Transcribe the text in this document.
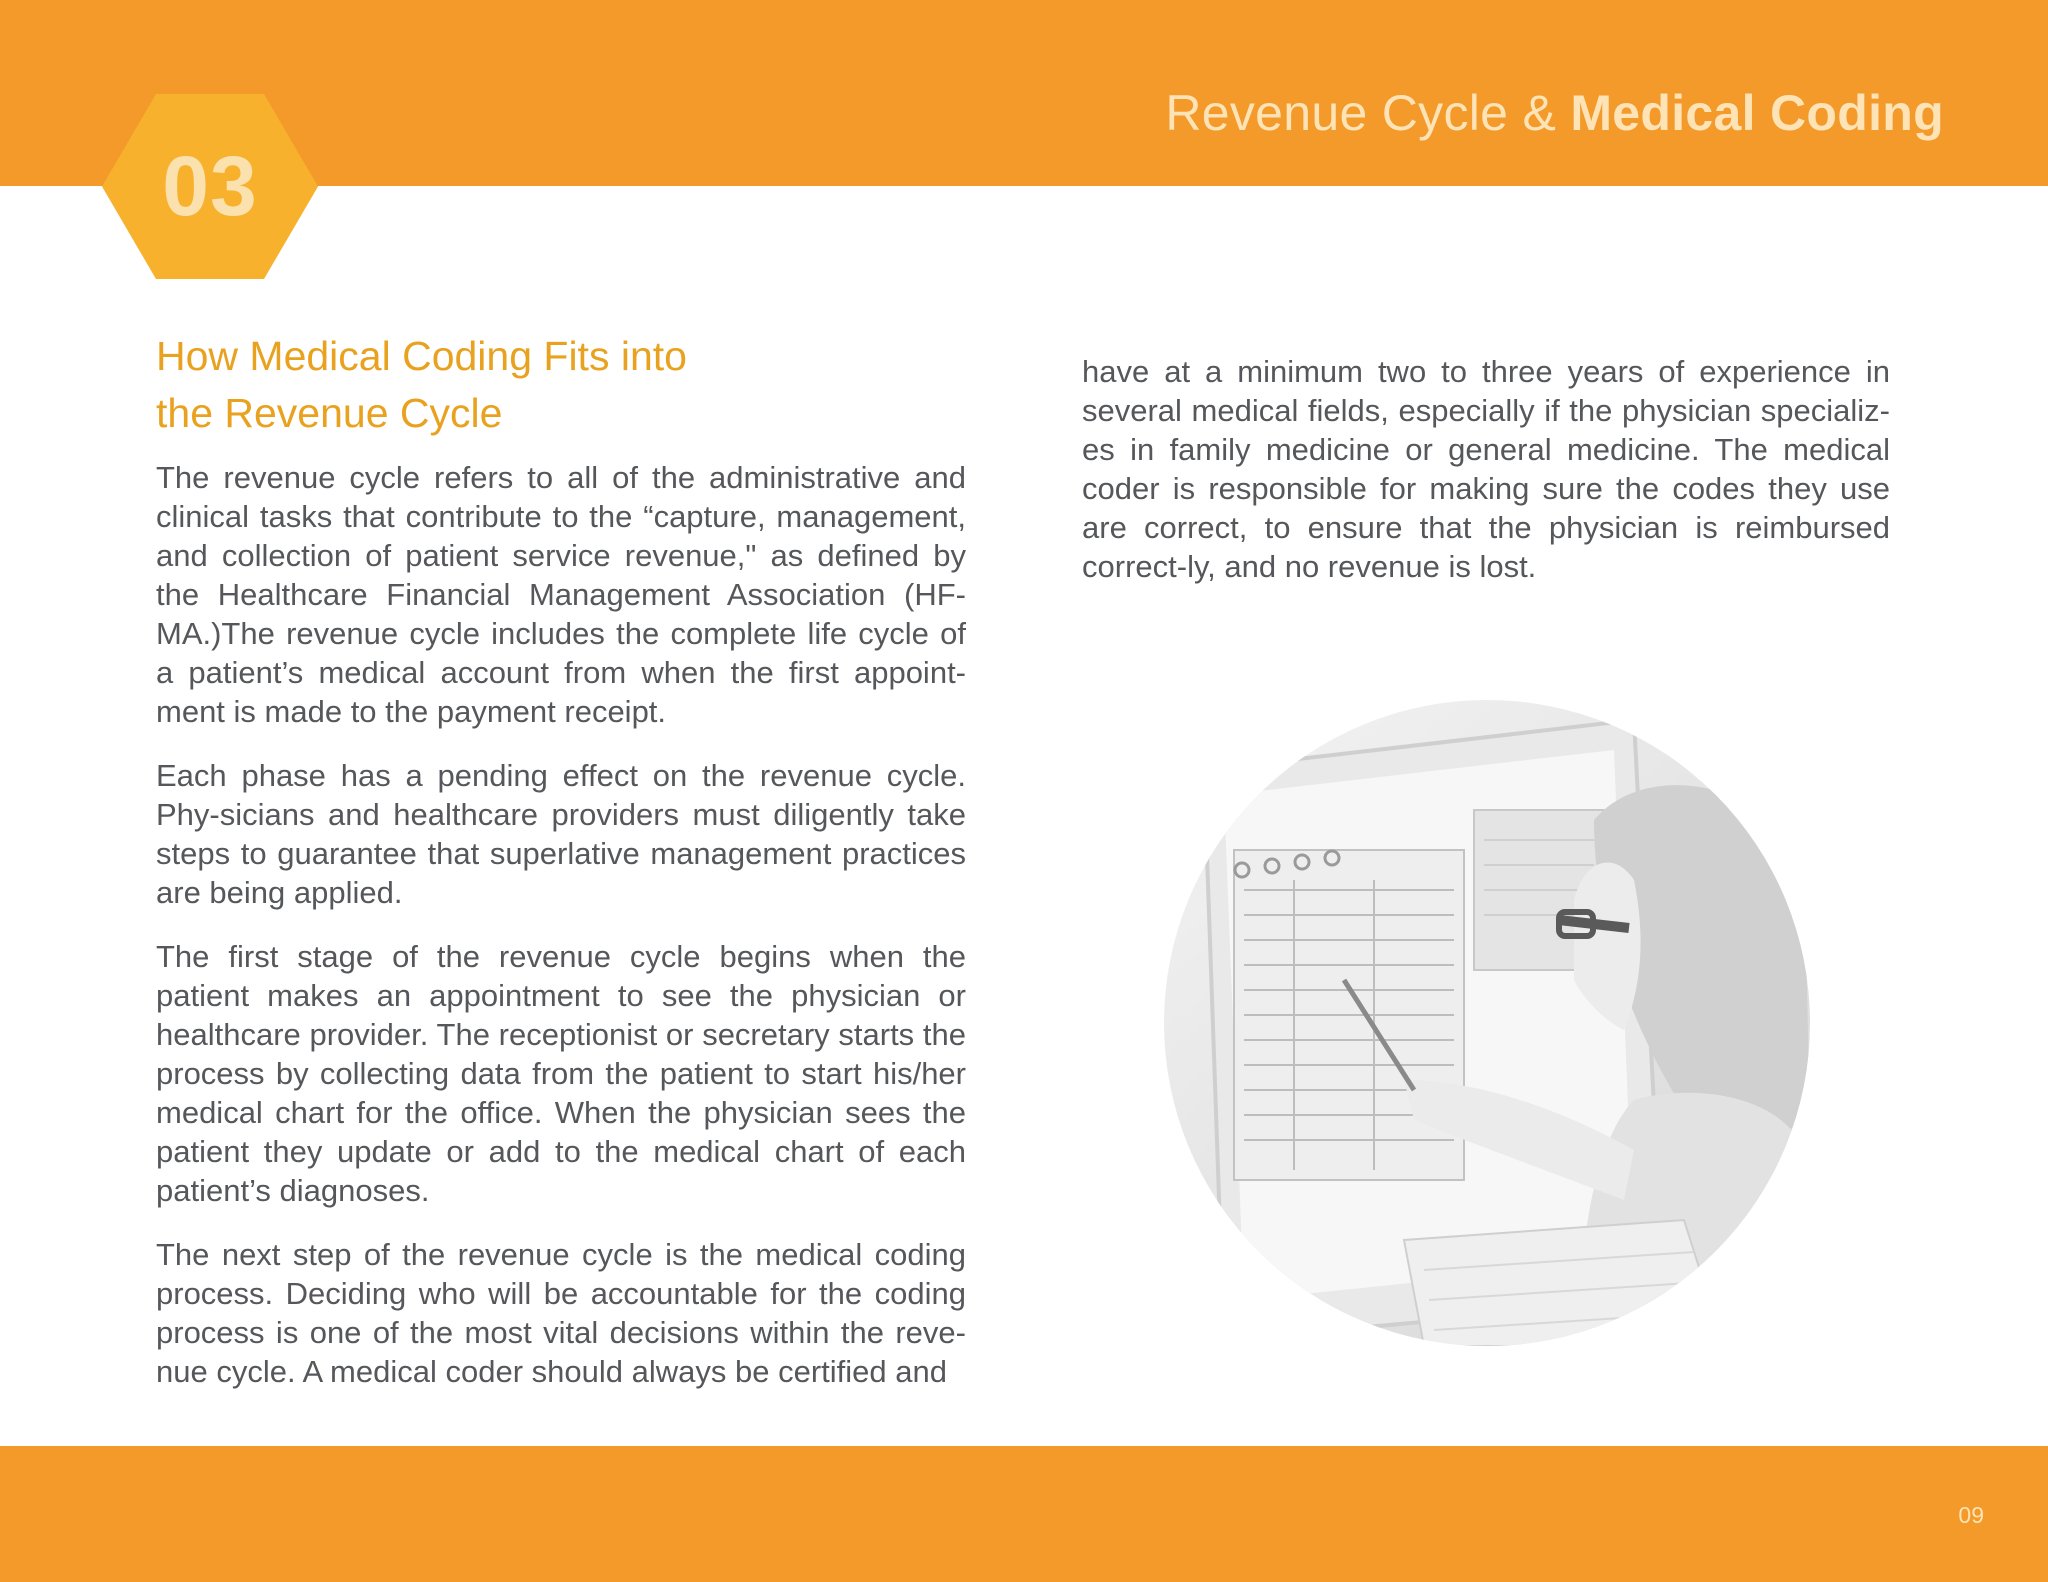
Revenue Cycle & Medical Coding
03
How Medical Coding Fits into
the Revenue Cycle

The revenue cycle refers to all of the administrative and clinical tasks that contribute to the “capture, management, and collection of patient service revenue," as defined by the Healthcare Financial Management Association (HF-MA.)The revenue cycle includes the complete life cycle of a patient’s medical account from when the first appoint-ment is made to the payment receipt.

Each phase has a pending effect on the revenue cycle. Phy-sicians and healthcare providers must diligently take steps to guarantee that superlative management practices are being applied.

The first stage of the revenue cycle begins when the patient makes an appointment to see the physician or healthcare provider. The receptionist or secretary starts the process by collecting data from the patient to start his/her medical chart for the office. When the physician sees the patient they update or add to the medical chart of each patient’s diagnoses.

The next step of the revenue cycle is the medical coding process. Deciding who will be accountable for the coding process is one of the most vital decisions within the reve-nue cycle. A medical coder should always be certified and

have at a minimum two to three years of experience in several medical fields, especially if the physician specializ-es in family medicine or general medicine. The medical coder is responsible for making sure the codes they use are correct, to ensure that the physician is reimbursed correct-ly, and no revenue is lost.

09
